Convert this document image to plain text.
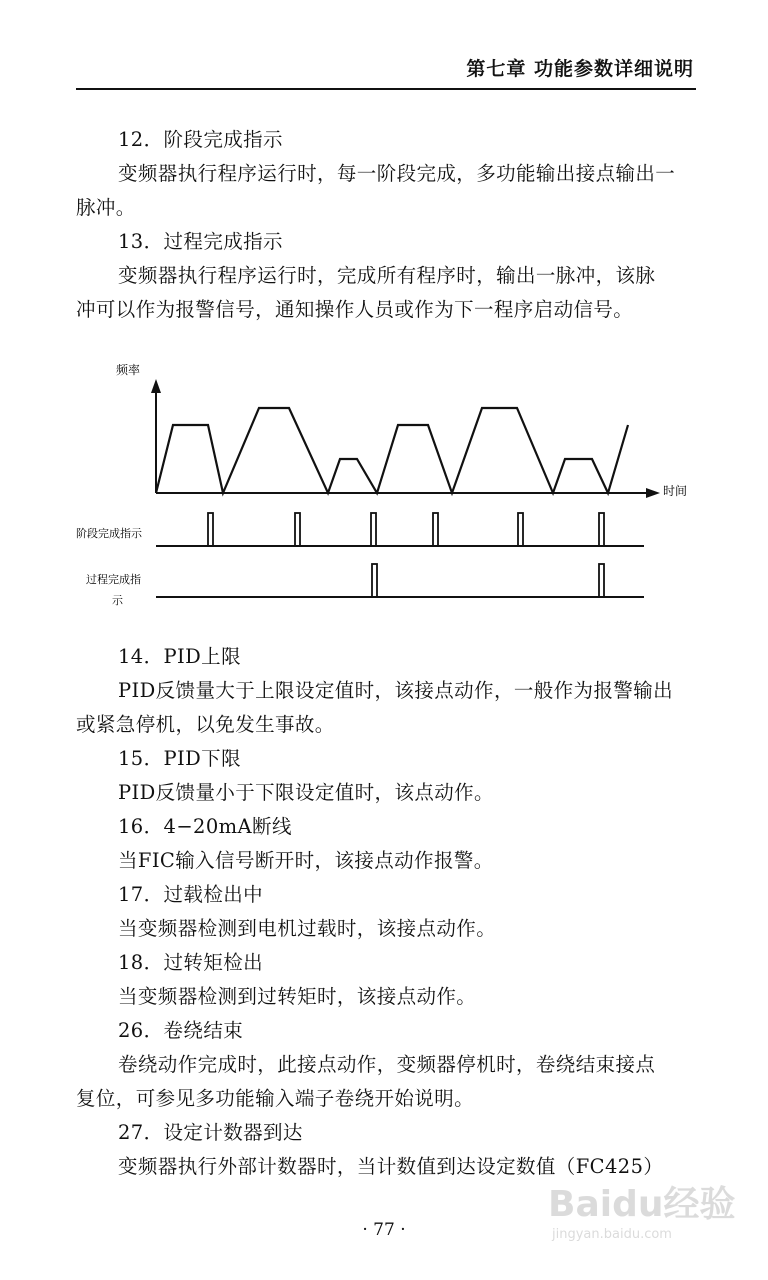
第七章 功能参数详细说明
12．阶段完成指示
变频器执行程序运行时，每一阶段完成，多功能输出接点输出一
脉冲。
13．过程完成指示
变频器执行程序运行时，完成所有程序时，输出一脉冲，该脉
冲可以作为报警信号，通知操作人员或作为下一程序启动信号。
频率
时间
阶段完成指示
过程完成指
示
14．PID上限
PID反馈量大于上限设定值时，该接点动作，一般作为报警输出
或紧急停机，以免发生事故。
15．PID下限
PID反馈量小于下限设定值时，该点动作。
16．4−20mA断线
当FIC输入信号断开时，该接点动作报警。
17．过载检出中
当变频器检测到电机过载时，该接点动作。
18．过转矩检出
当变频器检测到过转矩时，该接点动作。
26．卷绕结束
卷绕动作完成时，此接点动作，变频器停机时，卷绕结束接点
复位，可参见多功能输入端子卷绕开始说明。
27．设定计数器到达
变频器执行外部计数器时，当计数值到达设定数值（FC425）
· 77 ·
Baidu经验
jingyan.baidu.com
